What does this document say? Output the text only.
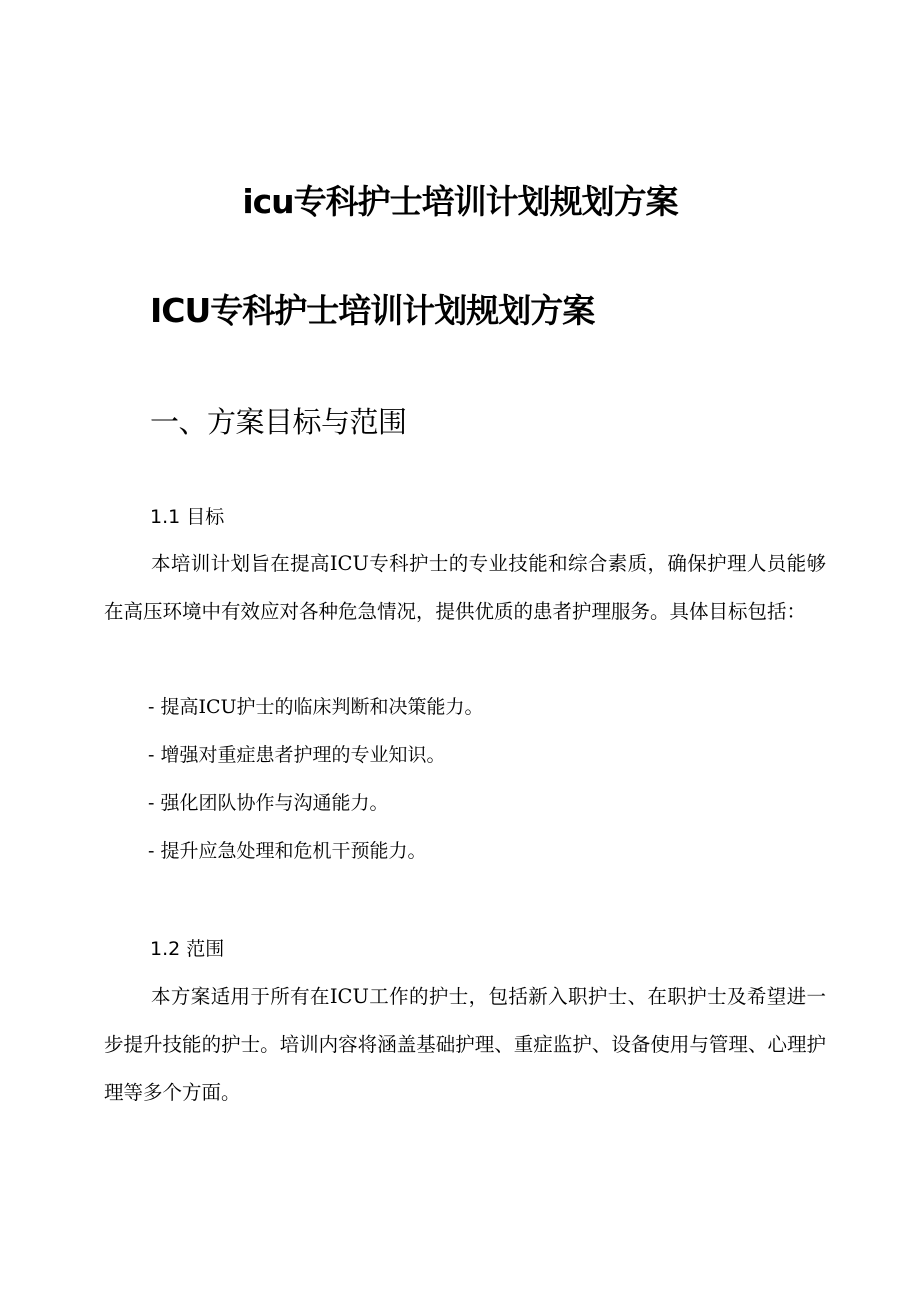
icu专科护士培训计划规划方案
ICU专科护士培训计划规划方案
一、方案目标与范围
1.1 目标

本培训计划旨在提高ICU专科护士的专业技能和综合素质，确保护理人员能够在高压环境中有效应对各种危急情况，提供优质的患者护理服务。具体目标包括：

- 提高ICU护士的临床判断和决策能力。
- 增强对重症患者护理的专业知识。
- 强化团队协作与沟通能力。
- 提升应急处理和危机干预能力。
1.2 范围

本方案适用于所有在ICU工作的护士，包括新入职护士、在职护士及希望进一步提升技能的护士。培训内容将涵盖基础护理、重症监护、设备使用与管理、心理护理等多个方面。
